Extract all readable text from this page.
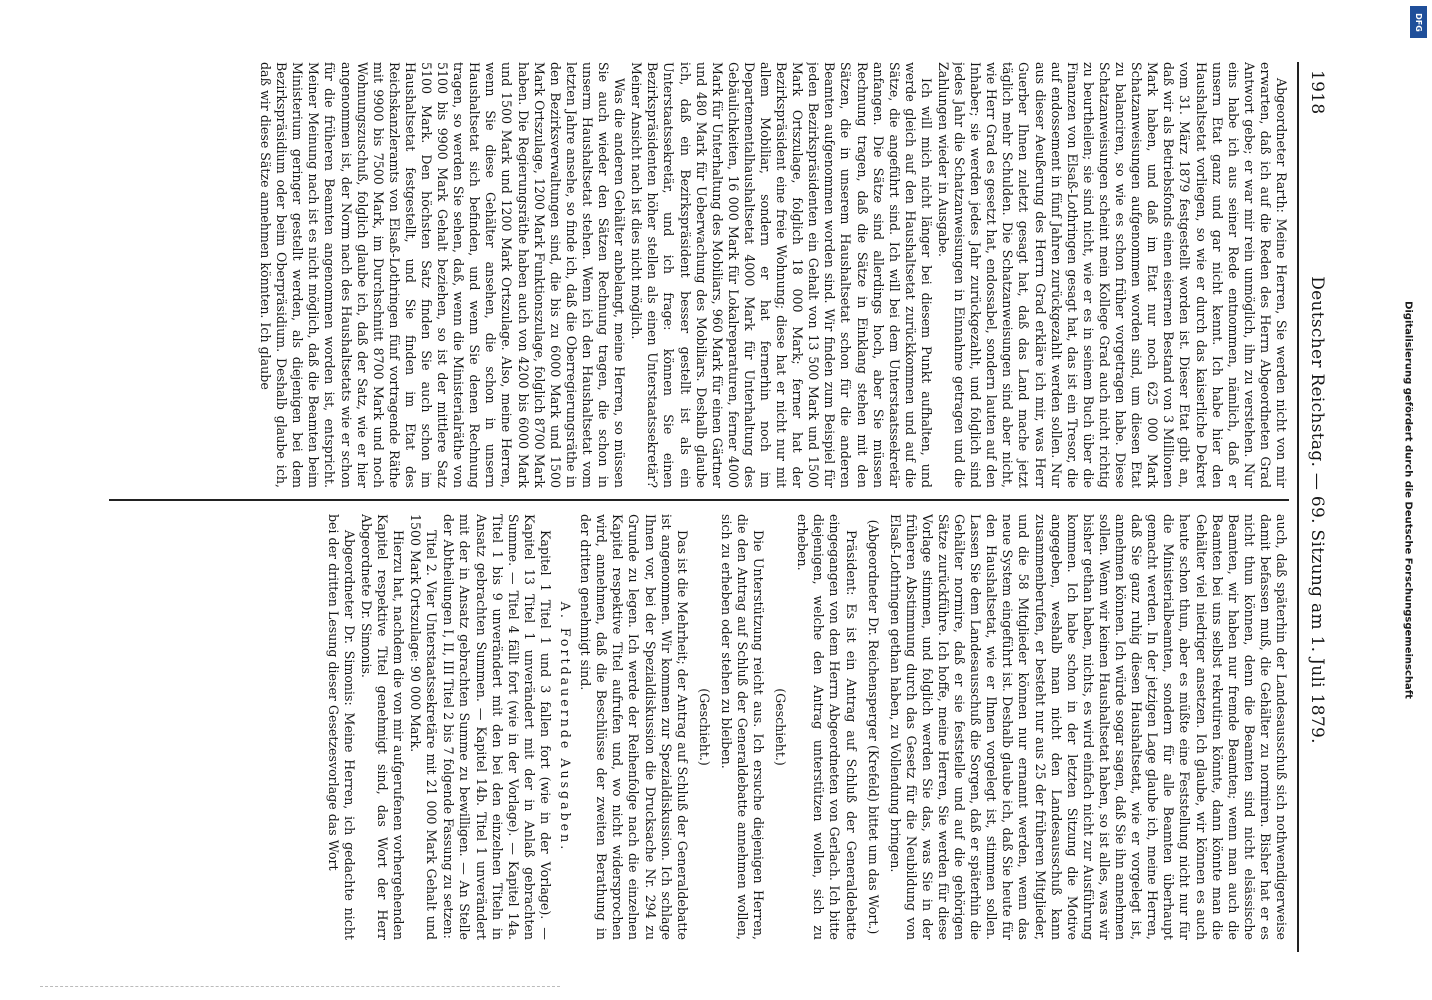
1918
Deutscher Reichstag. — 69. Sitzung am 1. Juli 1879.

Abgeordneter Rarth: Meine Herren, Sie werden nicht von mir erwarten, daß ich auf die Reden des Herrn Abgeordneten Grad Antwort gebe; er war mir rein unmöglich, ihn zu verstehen. Nur eins habe ich aus seiner Rede entnommen, nämlich, daß er unsern Etat ganz und gar nicht kennt. Ich habe hier den Haushaltsetat vorliegen, so wie er durch das kaiserliche Dekret vom 31. März 1879 festgestellt worden ist. Dieser Etat gibt an, daß wir als Betriebsfonds einen eisernen Bestand von 3 Millionen Mark haben, und daß im Etat nur noch 625 000 Mark Schatzanweisungen aufgenommen worden sind, um diesen Etat zu balanciren, so wie es schon früher vorgetragen habe. Diese Schatzanweisungen scheint mein Kollege Grad auch nicht richtig zu beurtheilen; sie sind nicht, wie er es in seinem Buch über die Finanzen von Elsaß-Lothringen gesagt hat, das ist ein Tresor, die auf endossement in fünf Jahren zurückgezahlt werden sollen. Nur aus dieser Aeußerung des Herrn Grad erkläre ich mir, was Herr Guerber Ihnen zuletzt gesagt hat, daß das Land mache jetzt täglich mehr Schulden. Die Schatzanweisungen sind aber nicht, wie Herr Grad es gesetzt hat, endossabel, sondern lauten auf den Inhaber; sie werden jedes Jahr zurückgezahlt, und folglich sind jedes Jahr die Schatzanweisungen in Einnahme getragen und die Zahlungen wieder in Ausgabe.

Ich will mich nicht länger bei diesem Punkt aufhalten, und werde gleich auf den Haushaltsetat zurückkommen und auf die Sätze, die angeführt sind. Ich will bei dem Unterstaatssekretär anfangen. Die Sätze sind allerdings hoch, aber Sie müssen Rechnung tragen, daß die Sätze in Einklang stehen mit den Sätzen, die in unserem Haushaltsetat schon für die anderen Beamten aufgenommen worden sind. Wir finden zum Beispiel für jeden Bezirkspräsidenten ein Gehalt von 13 500 Mark und 1500 Mark Ortszulage, folglich 18 000 Mark; ferner hat der Bezirkspräsident eine freie Wohnung; diese hat er nicht nur mit allem Mobiliar, sondern er hat fernerhin noch im Departementalhaushaltsetat 4000 Mark für Unterhaltung des Gebäulichkeiten, 16 000 Mark für Lokalreparaturen, ferner 4000 Mark für Unterhaltung des Mobiliars, 960 Mark für einen Gärtner und 480 Mark für Ueberwachung des Mobiliars. Deshalb glaube ich, daß ein Bezirkspräsident besser gestellt ist als ein Unterstaatssekretär, und ich frage: können Sie einen Bezirkspräsidenten höher stellen als einen Unterstaatssekretär? Meiner Ansicht nach ist dies nicht möglich.

Was die anderen Gehälter anbelangt, meine Herren, so müssen Sie auch wieder den Sätzen Rechnung tragen, die schon in unserm Haushaltsetat stehen. Wenn ich den Haushaltsetat vom letzten Jahre ansehe, so finde ich, daß die Oberregierungsräthe in den Bezirksverwaltungen sind, die bis zu 6000 Mark und 1500 Mark Ortszulage, 1200 Mark Funktionszulage, folglich 8700 Mark haben. Die Regierungsräthe haben auch von 4200 bis 6000 Mark und 1500 Mark und 1200 Mark Ortszulage. Also, meine Herren, wenn Sie diese Gehälter ansehen, die schon in unsern Haushaltsetat sich befinden, und wenn Sie denen Rechnung tragen, so werden Sie sehen, daß, wenn die Ministerialräthe von 5100 bis 9900 Mark Gehalt beziehen, so ist der mittlere Satz 5100 Mark. Den höchsten Satz finden Sie auch schon im Haushaltsetat festgestellt, und Sie finden im Etat des Reichskanzleramts von Elsaß-Lothringen fünf vortragende Räthe mit 9900 bis 7500 Mark, im Durchschnitt 8700 Mark und noch Wohnungszuschuß, folglich glaube ich, daß der Satz, wie er hier angenommen ist, der Norm nach des Haushaltsetats wie er schon für die früheren Beamten angenommen worden ist, entspricht. Meiner Meinung nach ist es nicht möglich, daß die Beamten beim Ministerium geringer gestellt werden, als diejenigen bei dem Bezirkspräsidium oder beim Oberpräsidium. Deshalb glaube ich, daß wir diese Sätze annehmen könnten. Ich glaube

auch, daß späterhin der Landesausschuß sich nothwendigerweise damit befassen muß, die Gehälter zu normiren. Bisher hat er es nicht thun können, denn die Beamten sind nicht elsässische Beamten, wir haben nur fremde Beamten; wenn man auch die Beamten bei uns selbst rekrutiren könnte, dann könnte man die Gehälter viel niedriger ansetzen. Ich glaube, wir können es auch heute schon thun, aber es müßte eine Feststellung nicht nur für die Ministerialbeamten, sondern für alle Beamten überhaupt gemacht werden. In der jetzigen Lage glaube ich, meine Herren, daß Sie ganz ruhig diesen Haushaltsetat, wie er vorgelegt ist, annehmen können. Ich würde sogar sagen, daß Sie ihn annehmen sollen. Wenn wir keinen Haushaltsetat haben, so ist alles, was wir bisher gethan haben, nichts, es wird einfach nicht zur Ausführung kommen. Ich habe schon in der letzten Sitzung die Motive angegeben, weshalb man nicht den Landesausschuß kann zusammenberufen, er besteht nur aus 25 der früheren Mitglieder, und die 58 Mitglieder können nur ernannt werden, wenn das neue System eingeführt ist. Deshalb glaube ich, daß Sie heute für den Haushaltsetat, wie er Ihnen vorgelegt ist, stimmen sollen. Lassen Sie dem Landesausschuß die Sorgen, daß er späterhin die Gehälter normire, daß er sie feststelle und auf die gehörigen Sätze zurückführe. Ich hoffe, meine Herren, Sie werden für diese Vorlage stimmen, und folglich werden Sie das, was Sie in der früheren Abstimmung durch das Gesetz für die Neubildung von Elsaß-Lothringen gethan haben, zu Vollendung bringen.

(Abgeordneter Dr. Reichensperger (Krefeld) bittet um das Wort.)

Präsident: Es ist ein Antrag auf Schluß der Generaldebatte eingegangen von dem Herrn Abgeordneten von Gerlach. Ich bitte diejenigen, welche den Antrag unterstützen wollen, sich zu erheben.

(Geschieht.)

Die Unterstützung reicht aus. Ich ersuche diejenigen Herren, die den Antrag auf Schluß der Generaldebatte annehmen wollen, sich zu erheben oder stehen zu bleiben.

(Geschieht.)

Das ist die Mehrheit; der Antrag auf Schluß der Generaldebatte ist angenommen. Wir kommen zur Spezialdiskussion. Ich schlage Ihnen vor, bei der Spezialdiskussion die Drucksache Nr. 294 zu Grunde zu legen. Ich werde der Reihenfolge nach die einzelnen Kapitel respektive Titel aufrufen und, wo nicht widersprochen wird, annehmen, daß die Beschlüsse der zweiten Berathung in der dritten genehmigt sind.

A. Fortdauernde Ausgaben.

Kapitel 1 Titel 1 und 3 fallen fort (wie in der Vorlage). — Kapitel 13 Titel 1 unverändert mit der in Anlaß gebrachten Summe. — Titel 4 fällt fort (wie in der Vorlage). — Kapitel 14a. Titel 1 bis 9 unverändert mit den bei den einzelnen Titeln in Ansatz gebrachten Summen. — Kapitel 14b. Titel 1 unverändert mit der in Ansatz gebrachten Summe zu bewilligen. — An Stelle der Abtheilungen I, II, III Titel 2 bis 7 folgende Fassung zu setzen:

Titel 2. Vier Unterstaatssekretäre mit 21 000 Mark Gehalt und 1500 Mark Ortszulage: 90 000 Mark.

Hierzu hat, nachdem die von mir aufgerufenen vorhergehenden Kapitel respektive Titel genehmigt sind, das Wort der Herr Abgeordnete Dr. Simonis.

Abgeordneter Dr. Simonis: Meine Herren, ich gedachte nicht bei der dritten Lesung dieser Gesetzesvorlage das Wort

DFG
Digitalisierung gefördert durch die Deutsche Forschungsgemeinschaft
